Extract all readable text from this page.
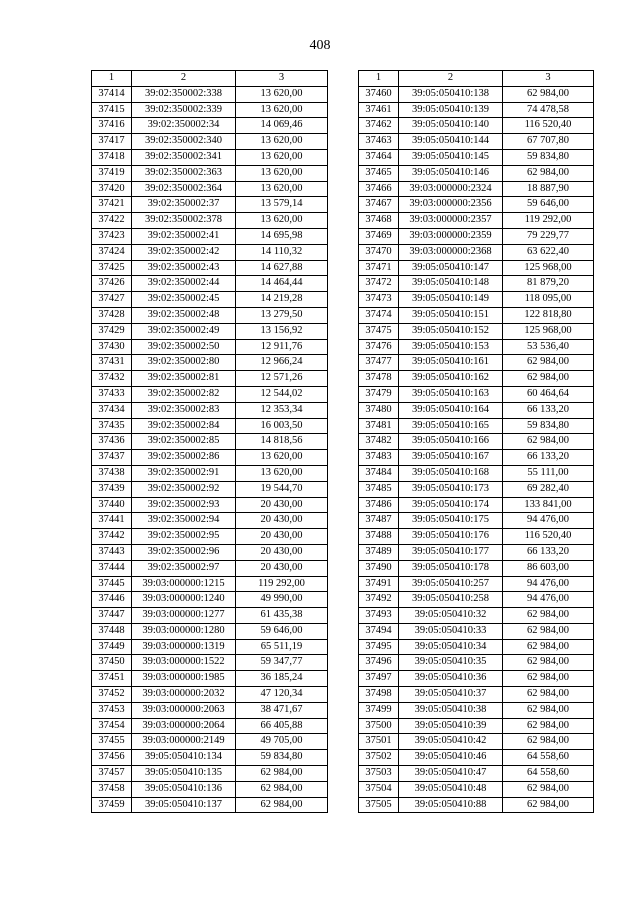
408
1	2	3
37414	39:02:350002:338	13 620,00
37415	39:02:350002:339	13 620,00
37416	39:02:350002:34	14 069,46
37417	39:02:350002:340	13 620,00
37418	39:02:350002:341	13 620,00
37419	39:02:350002:363	13 620,00
37420	39:02:350002:364	13 620,00
37421	39:02:350002:37	13 579,14
37422	39:02:350002:378	13 620,00
37423	39:02:350002:41	14 695,98
37424	39:02:350002:42	14 110,32
37425	39:02:350002:43	14 627,88
37426	39:02:350002:44	14 464,44
37427	39:02:350002:45	14 219,28
37428	39:02:350002:48	13 279,50
37429	39:02:350002:49	13 156,92
37430	39:02:350002:50	12 911,76
37431	39:02:350002:80	12 966,24
37432	39:02:350002:81	12 571,26
37433	39:02:350002:82	12 544,02
37434	39:02:350002:83	12 353,34
37435	39:02:350002:84	16 003,50
37436	39:02:350002:85	14 818,56
37437	39:02:350002:86	13 620,00
37438	39:02:350002:91	13 620,00
37439	39:02:350002:92	19 544,70
37440	39:02:350002:93	20 430,00
37441	39:02:350002:94	20 430,00
37442	39:02:350002:95	20 430,00
37443	39:02:350002:96	20 430,00
37444	39:02:350002:97	20 430,00
37445	39:03:000000:1215	119 292,00
37446	39:03:000000:1240	49 990,00
37447	39:03:000000:1277	61 435,38
37448	39:03:000000:1280	59 646,00
37449	39:03:000000:1319	65 511,19
37450	39:03:000000:1522	59 347,77
37451	39:03:000000:1985	36 185,24
37452	39:03:000000:2032	47 120,34
37453	39:03:000000:2063	38 471,67
37454	39:03:000000:2064	66 405,88
37455	39:03:000000:2149	49 705,00
37456	39:05:050410:134	59 834,80
37457	39:05:050410:135	62 984,00
37458	39:05:050410:136	62 984,00
37459	39:05:050410:137	62 984,00
1	2	3
37460	39:05:050410:138	62 984,00
37461	39:05:050410:139	74 478,58
37462	39:05:050410:140	116 520,40
37463	39:05:050410:144	67 707,80
37464	39:05:050410:145	59 834,80
37465	39:05:050410:146	62 984,00
37466	39:03:000000:2324	18 887,90
37467	39:03:000000:2356	59 646,00
37468	39:03:000000:2357	119 292,00
37469	39:03:000000:2359	79 229,77
37470	39:03:000000:2368	63 622,40
37471	39:05:050410:147	125 968,00
37472	39:05:050410:148	81 879,20
37473	39:05:050410:149	118 095,00
37474	39:05:050410:151	122 818,80
37475	39:05:050410:152	125 968,00
37476	39:05:050410:153	53 536,40
37477	39:05:050410:161	62 984,00
37478	39:05:050410:162	62 984,00
37479	39:05:050410:163	60 464,64
37480	39:05:050410:164	66 133,20
37481	39:05:050410:165	59 834,80
37482	39:05:050410:166	62 984,00
37483	39:05:050410:167	66 133,20
37484	39:05:050410:168	55 111,00
37485	39:05:050410:173	69 282,40
37486	39:05:050410:174	133 841,00
37487	39:05:050410:175	94 476,00
37488	39:05:050410:176	116 520,40
37489	39:05:050410:177	66 133,20
37490	39:05:050410:178	86 603,00
37491	39:05:050410:257	94 476,00
37492	39:05:050410:258	94 476,00
37493	39:05:050410:32	62 984,00
37494	39:05:050410:33	62 984,00
37495	39:05:050410:34	62 984,00
37496	39:05:050410:35	62 984,00
37497	39:05:050410:36	62 984,00
37498	39:05:050410:37	62 984,00
37499	39:05:050410:38	62 984,00
37500	39:05:050410:39	62 984,00
37501	39:05:050410:42	62 984,00
37502	39:05:050410:46	64 558,60
37503	39:05:050410:47	64 558,60
37504	39:05:050410:48	62 984,00
37505	39:05:050410:88	62 984,00
